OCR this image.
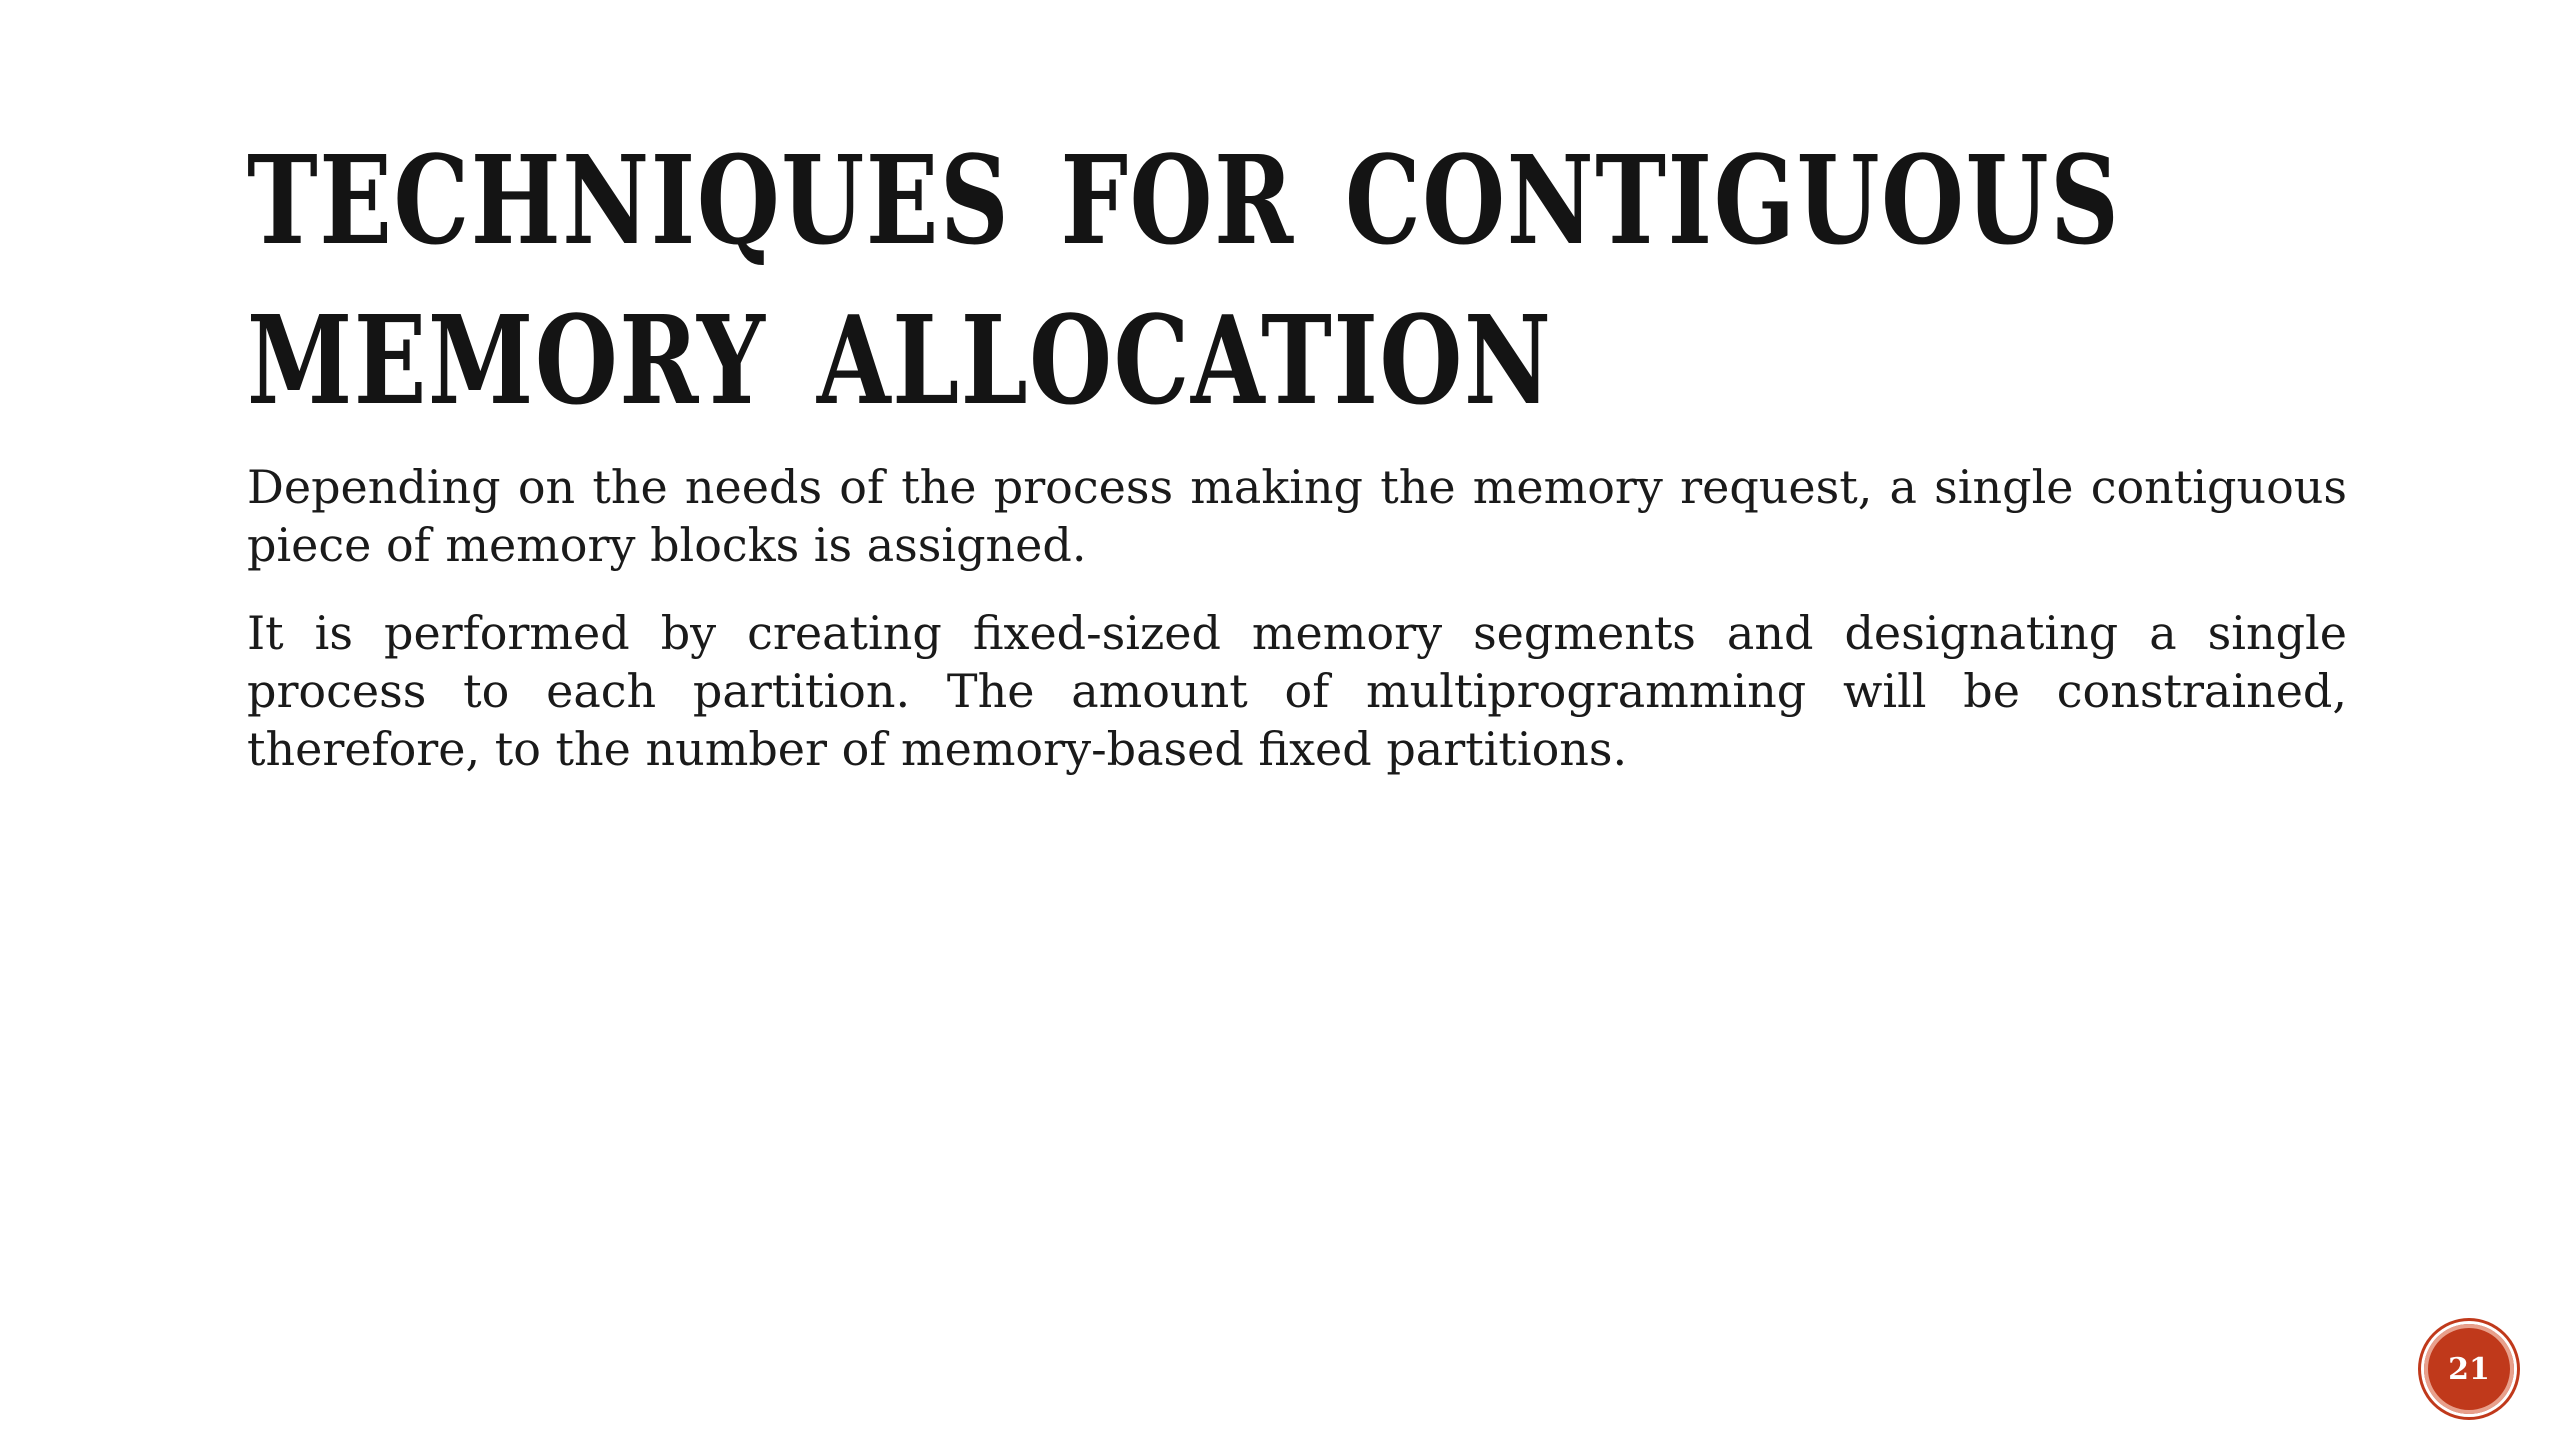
TECHNIQUES FOR CONTIGUOUS MEMORY ALLOCATION

Depending on the needs of the process making the memory request, a single contiguous piece of memory blocks is assigned.

It is performed by creating fixed-sized memory segments and designating a single process to each partition. The amount of multiprogramming will be constrained, therefore, to the number of memory-based fixed partitions.

21
